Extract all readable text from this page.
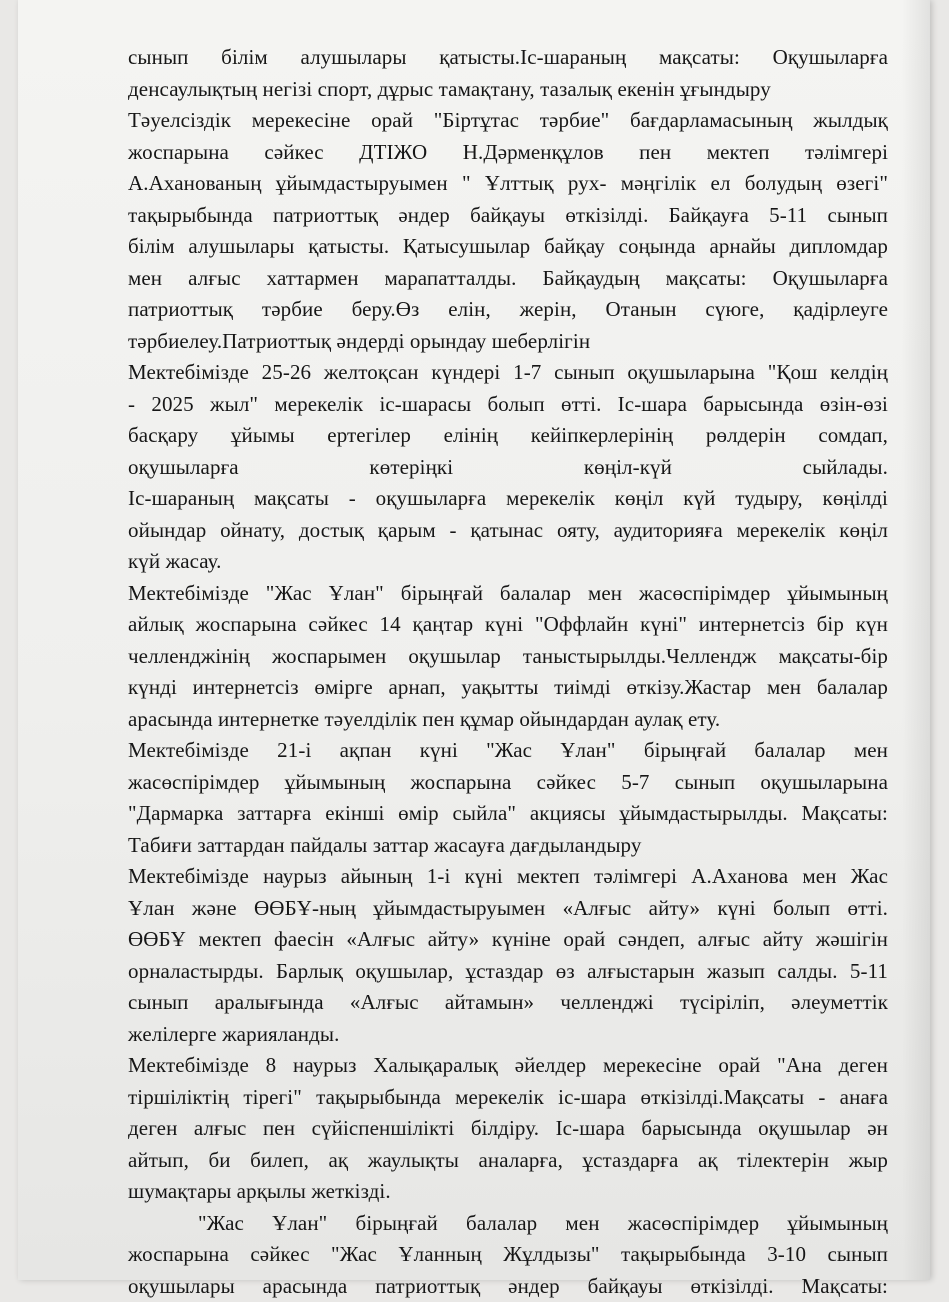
сынып білім алушылары қатысты.Іс-шараның мақсаты: Оқушыларға
денсаулықтың негізі спорт, дұрыс тамақтану, тазалық екенін ұғындыру
Тәуелсіздік мерекесіне орай "Біртұтас тәрбие" бағдарламасының жылдық
жоспарына сәйкес ДТІЖО Н.Дәрменқұлов пен мектеп тәлімгері
А.Аханованың ұйымдастыруымен " Ұлттық рух- мәңгілік ел болудың өзегі"
тақырыбында патриоттық әндер байқауы өткізілді. Байқауға 5-11 сынып
білім алушылары қатысты. Қатысушылар байқау соңында арнайы дипломдар
мен алғыс хаттармен марапатталды. Байқаудың мақсаты: Оқушыларға
патриоттық тәрбие беру.Өз елін, жерін, Отанын сүюге, қадірлеуге
тәрбиелеу.Патриоттық әндерді орындау шеберлігін
Мектебімізде 25-26 желтоқсан күндері 1-7 сынып оқушыларына "Қош келдің
- 2025 жыл" мерекелік іс-шарасы болып өтті. Іс-шара барысында өзін-өзі
басқару ұйымы ертегілер елінің кейіпкерлерінің рөлдерін сомдап,
оқушыларға көтеріңкі көңіл-күй сыйлады.
Іс-шараның мақсаты - оқушыларға мерекелік көңіл күй тудыру, көңілді
ойындар ойнату, достық қарым - қатынас ояту, аудиторияға мерекелік көңіл
күй жасау.
Мектебімізде "Жас Ұлан" бірыңғай балалар мен жасөспірімдер ұйымының
айлық жоспарына сәйкес 14 қаңтар күні "Оффлайн күні" интернетсіз бір күн
челленджінің жоспарымен оқушылар таныстырылды.Челлендж мақсаты-бір
күнді интернетсіз өмірге арнап, уақытты тиімді өткізу.Жастар мен балалар
арасында интернетке тәуелділік пен құмар ойындардан аулақ ету.
Мектебімізде 21-і ақпан күні "Жас Ұлан" бірыңғай балалар мен
жасөспірімдер ұйымының жоспарына сәйкес 5-7 сынып оқушыларына
"Дармарка заттарға екінші өмір сыйла" акциясы ұйымдастырылды. Мақсаты:
Табиғи заттардан пайдалы заттар жасауға дағдыландыру
Мектебімізде наурыз айының 1-і күні мектеп тәлімгері А.Ахановa мен Жас
Ұлан және ӨӨБҰ-ның ұйымдастыруымен «Алғыс айту» күні болып өтті.
ӨӨБҰ мектеп фаесін «Алғыс айту» күніне орай сәндеп, алғыс айту жәшігін
орналастырды. Барлық оқушылар, ұстаздар өз алғыстарын жазып салды. 5-11
сынып аралығында «Алғыс айтамын» челленджі түсіріліп, әлеуметтік
желілерге жарияланды.
Мектебімізде 8 наурыз Халықаралық әйелдер мерекесіне орай "Ана деген
тіршіліктің тірегі" тақырыбында мерекелік іс-шара өткізілді.Мақсаты - анаға
деген алғыс пен сүйіспеншілікті білдіру. Іс-шара барысында оқушылар ән
айтып, би билеп, ақ жаулықты аналарға, ұстаздарға ақ тілектерін жыр
шумақтары арқылы жеткізді.
"Жас Ұлан" бірыңғай балалар мен жасөспірімдер ұйымының
жоспарына сәйкес "Жас Ұланның Жұлдызы" тақырыбында 3-10 сынып
оқушылары арасында патриоттық әндер байқауы өткізілді. Мақсаты:
